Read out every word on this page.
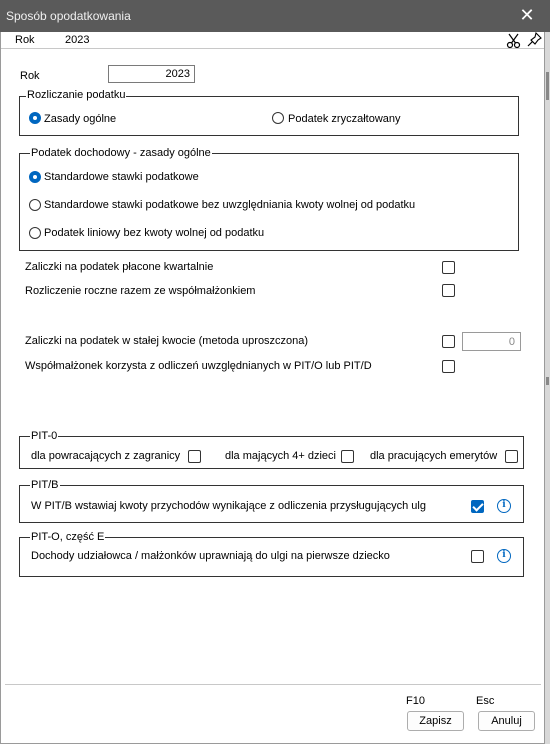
Sposób opodatkowania	✕
Rok	2023
Rok
2023
Rozliczanie podatku
Zasady ogólne	Podatek zryczałtowany
Podatek dochodowy - zasady ogólne
Standardowe stawki podatkowe
Standardowe stawki podatkowe bez uwzględniania kwoty wolnej od podatku
Podatek liniowy bez kwoty wolnej od podatku
Zaliczki na podatek płacone kwartalnie
Rozliczenie roczne razem ze współmałżonkiem
Zaliczki na podatek w stałej kwocie (metoda uproszczona)
0
Współmałżonek korzysta z odliczeń uwzględnianych w PIT/O lub PIT/D
PIT-0
dla powracających z zagranicy	dla mających 4+ dzieci	dla pracujących emerytów
PIT/B
W PIT/B wstawiaj kwoty przychodów wynikające z odliczenia przysługujących ulg	i
PIT-O, część E
Dochody udziałowca / małżonków uprawniają do ulgi na pierwsze dziecko	i
F10	Esc
Zapisz	Anuluj
